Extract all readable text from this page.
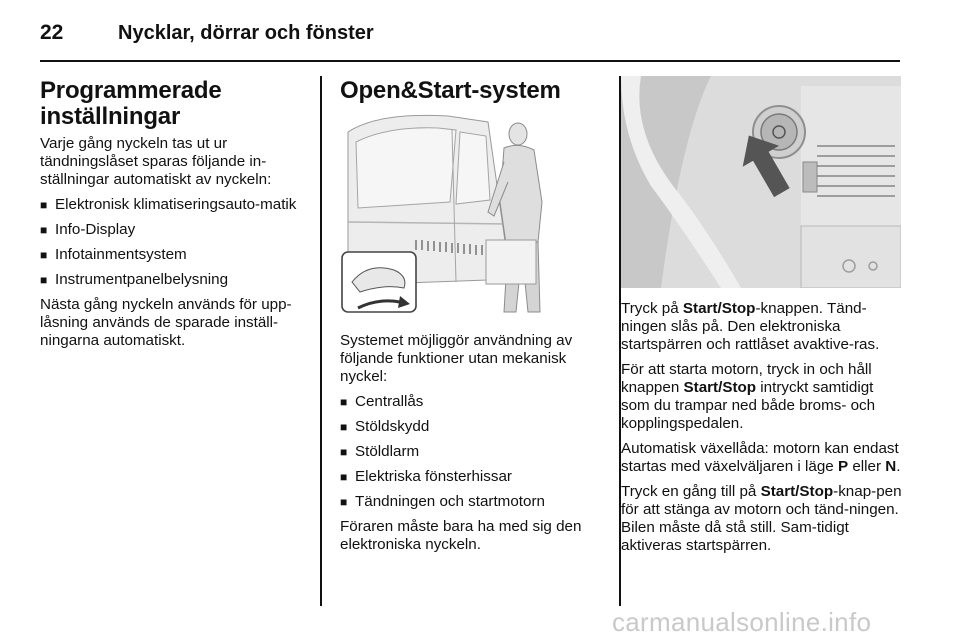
22	Nycklar, dörrar och fönster
Programmerade inställningar

Varje gång nyckeln tas ut ur tändningslåset sparas följande in-ställningar automatiskt av nyckeln:

■ Elektronisk klimatiseringsauto-matik
■ Info-Display
■ Infotainmentsystem
■ Instrumentpanelbelysning

Nästa gång nyckeln används för upp-låsning används de sparade inställ-ningarna automatiskt.

Open&Start-system

Systemet möjliggör användning av följande funktioner utan mekanisk nyckel:

■ Centrallås
■ Stöldskydd
■ Stöldlarm
■ Elektriska fönsterhissar
■ Tändningen och startmotorn

Föraren måste bara ha med sig den elektroniska nyckeln.

Tryck på Start/Stop-knappen. Tänd-ningen slås på. Den elektroniska startspärren och rattlåset avaktive-ras.

För att starta motorn, tryck in och håll knappen Start/Stop intryckt samtidigt som du trampar ned både broms- och kopplingspedalen.

Automatisk växellåda: motorn kan endast startas med växelväljaren i läge P eller N.

Tryck en gång till på Start/Stop-knap-pen för att stänga av motorn och tänd-ningen. Bilen måste då stå still. Sam-tidigt aktiveras startspärren.

carmanualsonline.info
